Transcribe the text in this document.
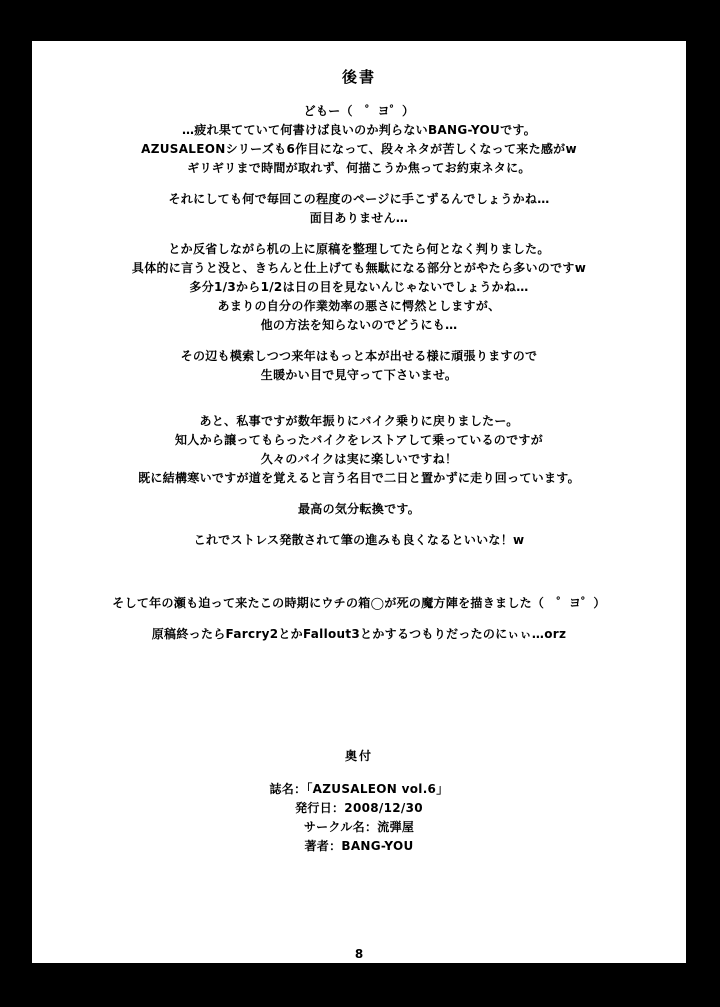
後書
どもー（　゜ヨ゜）
…疲れ果てていて何書けば良いのか判らないBANG-YOUです。
AZUSALEONシリーズも6作目になって、段々ネタが苦しくなって来た感がw
ギリギリまで時間が取れず、何描こうか焦ってお約束ネタに。
それにしても何で毎回この程度のページに手こずるんでしょうかね…
面目ありません…
とか反省しながら机の上に原稿を整理してたら何となく判りました。
具体的に言うと没と、きちんと仕上げても無駄になる部分とがやたら多いのですw
多分1/3から1/2は日の目を見ないんじゃないでしょうかね…
あまりの自分の作業効率の悪さに愕然としますが、
他の方法を知らないのでどうにも…
その辺も模索しつつ来年はもっと本が出せる様に頑張りますので
生暖かい目で見守って下さいませ。
あと、私事ですが数年振りにバイク乗りに戻りましたー。
知人から譲ってもらったバイクをレストアして乗っているのですが
久々のバイクは実に楽しいですね！
既に結構寒いですが道を覚えると言う名目で二日と置かずに走り回っています。
最高の気分転換です。
これでストレス発散されて筆の進みも良くなるといいな！w
そして年の瀬も迫って来たこの時期にウチの箱◯が死の魔方陣を描きました（　゜ヨ゜）
原稿終ったらFarcry2とかFallout3とかするつもりだったのにぃぃ…orz
奥付
誌名：「AZUSALEON vol.6」
発行日：2008/12/30
サークル名：流弾屋
著者：BANG-YOU
8
